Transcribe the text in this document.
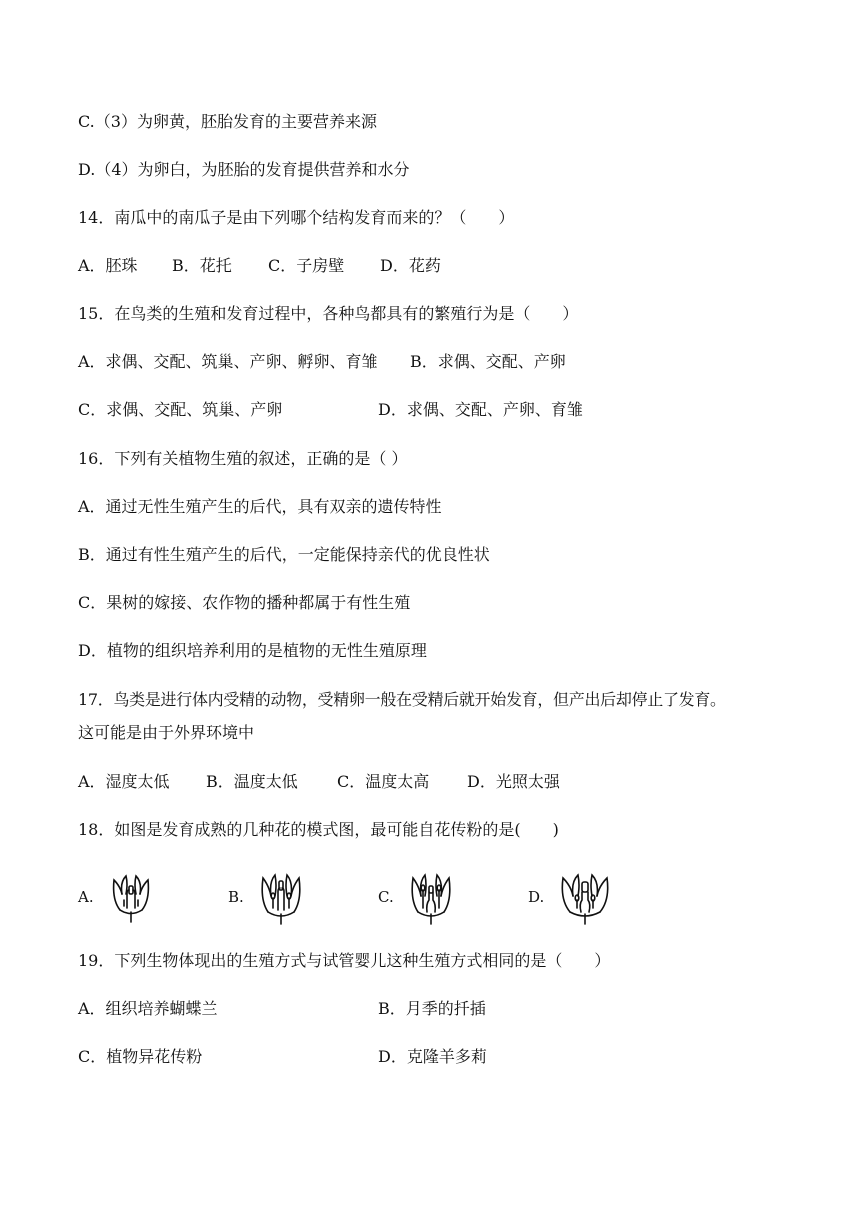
C.（3）为卵黄，胚胎发育的主要营养来源
D.（4）为卵白，为胚胎的发育提供营养和水分
14．南瓜中的南瓜子是由下列哪个结构发育而来的？（　　）
A．胚珠 B．花托 C．子房壁 D．花药
15．在鸟类的生殖和发育过程中，各种鸟都具有的繁殖行为是（　　）
A．求偶、交配、筑巢、产卵、孵卵、育雏 B．求偶、交配、产卵
C．求偶、交配、筑巢、产卵	D．求偶、交配、产卵、育雏
16．下列有关植物生殖的叙述，正确的是（ ）
A．通过无性生殖产生的后代，具有双亲的遗传特性
B．通过有性生殖产生的后代，一定能保持亲代的优良性状
C．果树的嫁接、农作物的播种都属于有性生殖
D．植物的组织培养利用的是植物的无性生殖原理
17．鸟类是进行体内受精的动物，受精卵一般在受精后就开始发育，但产出后却停止了发育。
这可能是由于外界环境中
A．湿度太低 B．温度太低 C．温度太高 D．光照太强
18．如图是发育成熟的几种花的模式图，最可能自花传粉的是(　　)
A.	B.	C.	D.
19．下列生物体现出的生殖方式与试管婴儿这种生殖方式相同的是（　　）
A．组织培养蝴蝶兰	B．月季的扦插
C．植物异花传粉	D．克隆羊多莉
